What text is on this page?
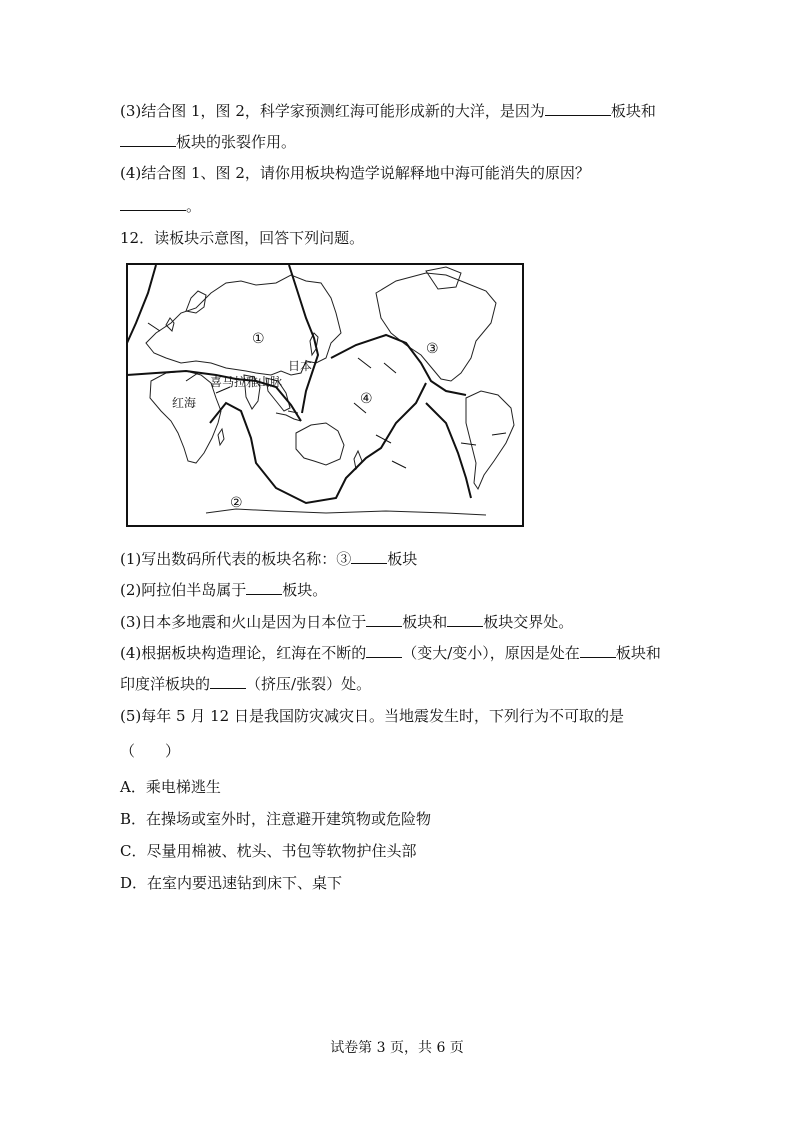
(3)结合图 1，图 2，科学家预测红海可能形成新的大洋，是因为	板块和
板块的张裂作用。
(4)结合图 1、图 2，请你用板块构造学说解释地中海可能消失的原因？
。
12．读板块示意图，回答下列问题。
①
②
③
④
日本
喜马拉雅山脉
红海
(1)写出数码所代表的板块名称：③ 板块
(2)阿拉伯半岛属于 板块。
(3)日本多地震和火山是因为日本位于 板块和 板块交界处。
(4)根据板块构造理论，红海在不断的 （变大/变小），原因是处在 板块和
印度洋板块的 （挤压/张裂）处。
(5)每年 5 月 12 日是我国防灾减灾日。当地震发生时，下列行为不可取的是
（　　）
A．乘电梯逃生
B．在操场或室外时，注意避开建筑物或危险物
C．尽量用棉被、枕头、书包等软物护住头部
D．在室内要迅速钻到床下、桌下
试卷第 3 页，共 6 页
